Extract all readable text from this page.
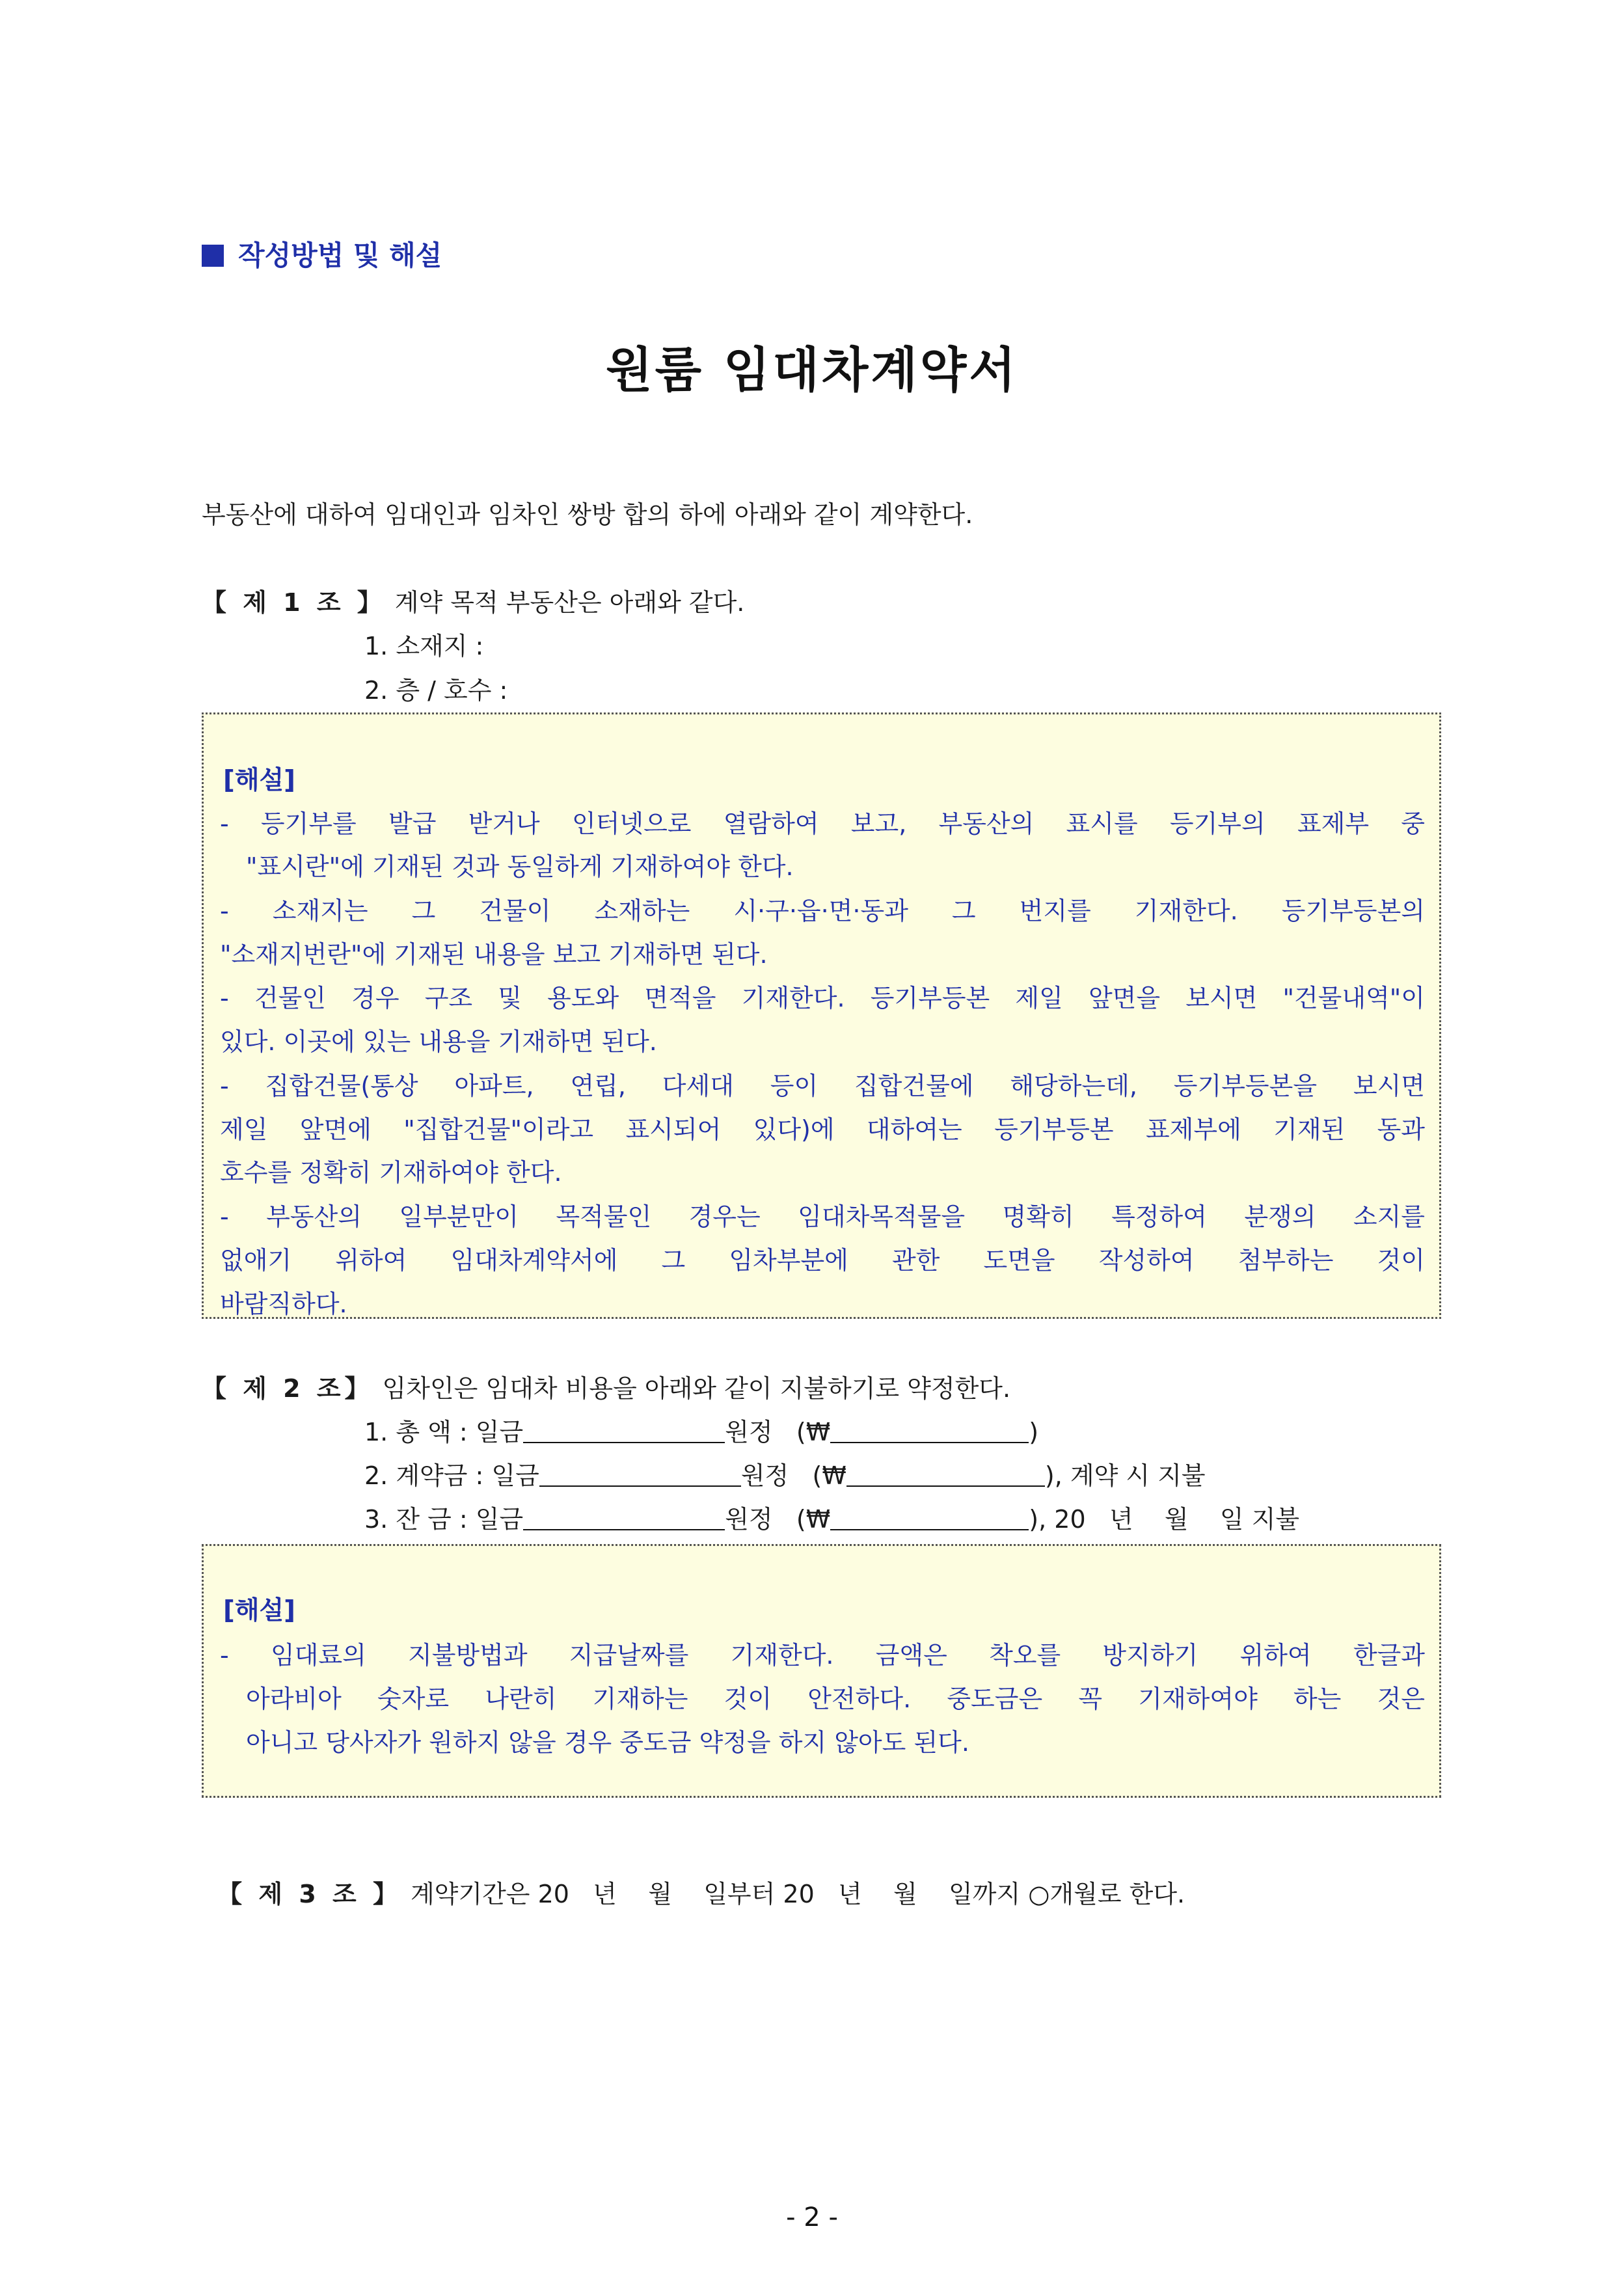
작성방법 및 해설
원룸 임대차계약서
부동산에 대하여 임대인과 임차인 쌍방 합의 하에 아래와 같이 계약한다.
【 제 1 조 】 계약 목적 부동산은 아래와 같다.
1. 소재지 :
2. 층 / 호수 :
[해설]
- 등기부를 발급 받거나 인터넷으로 열람하여 보고, 부동산의 표시를 등기부의 표제부 중
"표시란"에 기재된 것과 동일하게 기재하여야 한다.
- 소재지는 그 건물이 소재하는 시·구·읍·면·동과 그 번지를 기재한다. 등기부등본의
"소재지번란"에 기재된 내용을 보고 기재하면 된다.
- 건물인 경우 구조 및 용도와 면적을 기재한다. 등기부등본 제일 앞면을 보시면 "건물내역"이
있다. 이곳에 있는 내용을 기재하면 된다.
- 집합건물(통상 아파트, 연립, 다세대 등이 집합건물에 해당하는데, 등기부등본을 보시면
제일 앞면에 "집합건물"이라고 표시되어 있다)에 대하여는 등기부등본 표제부에 기재된 동과
호수를 정확히 기재하여야 한다.
- 부동산의 일부분만이 목적물인 경우는 임대차목적물을 명확히 특정하여 분쟁의 소지를
없애기 위하여 임대차계약서에 그 임차부분에 관한 도면을 작성하여 첨부하는 것이
바람직하다.
【 제 2 조】 임차인은 임대차 비용을 아래와 같이 지불하기로 약정한다.
1. 총 액 : 일금	원정 (₩	)
2. 계약금 : 일금	원정 (₩	), 계약 시 지불
3. 잔 금 : 일금	원정 (₩	), 20   년    월    일 지불
[해설]
- 임대료의 지불방법과 지급날짜를 기재한다. 금액은 착오를 방지하기 위하여 한글과
아라비아 숫자로 나란히 기재하는 것이 안전하다. 중도금은 꼭 기재하여야 하는 것은
아니고 당사자가 원하지 않을 경우 중도금 약정을 하지 않아도 된다.

【 제 3 조 】 계약기간은 20   년    월    일부터 20   년    월    일까지 ○개월로 한다.

- 2 -
